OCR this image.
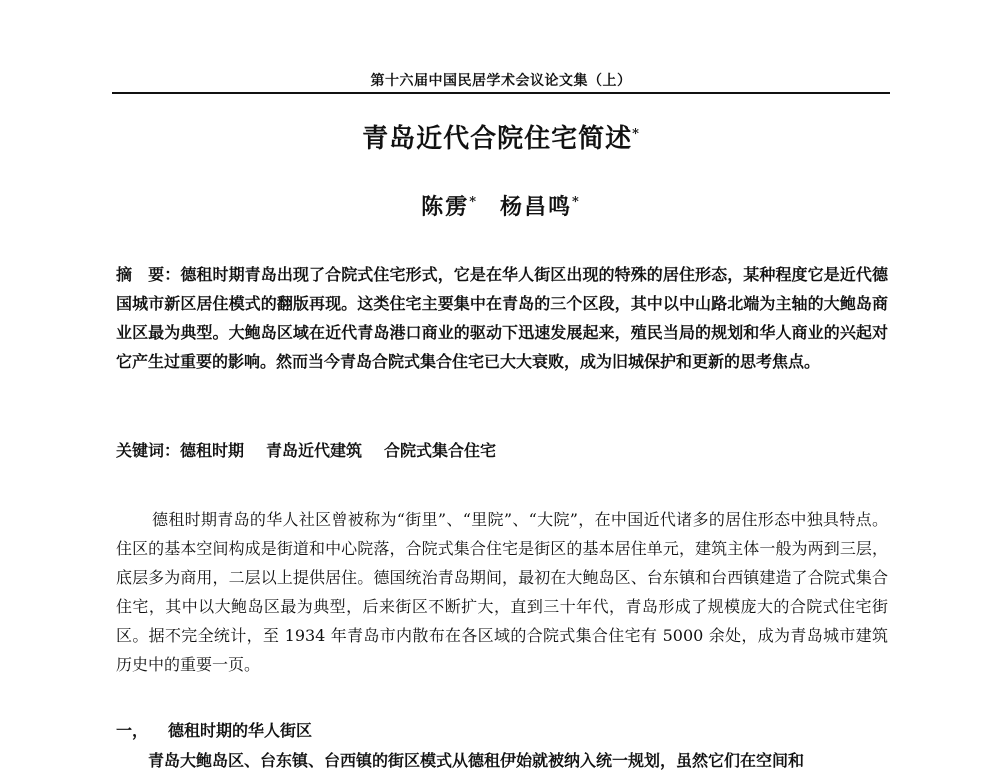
第十六届中国民居学术会议论文集（上）
青岛近代合院住宅简述*
陈雳* 杨昌鸣*
摘　要：德租时期青岛出现了合院式住宅形式，它是在华人街区出现的特殊的居住形态，某种程度它是近代德国城市新区居住模式的翻版再现。这类住宅主要集中在青岛的三个区段，其中以中山路北端为主轴的大鲍岛商业区最为典型。大鲍岛区域在近代青岛港口商业的驱动下迅速发展起来，殖民当局的规划和华人商业的兴起对它产生过重要的影响。然而当今青岛合院式集合住宅已大大衰败，成为旧城保护和更新的思考焦点。
关键词：德租时期 青岛近代建筑 合院式集合住宅
德租时期青岛的华人社区曾被称为“街里”、“里院”、“大院”，在中国近代诸多的居住形态中独具特点。住区的基本空间构成是街道和中心院落，合院式集合住宅是街区的基本居住单元，建筑主体一般为两到三层，底层多为商用，二层以上提供居住。德国统治青岛期间，最初在大鲍岛区、台东镇和台西镇建造了合院式集合住宅，其中以大鲍岛区最为典型，后来街区不断扩大，直到三十年代，青岛形成了规模庞大的合院式住宅街区。据不完全统计，至 1934 年青岛市内散布在各区域的合院式集合住宅有 5000 余处，成为青岛城市建筑历史中的重要一页。
一， 德租时期的华人街区
青岛大鲍岛区、台东镇、台西镇的街区模式从德租伊始就被纳入统一规划，虽然它们在空间和
